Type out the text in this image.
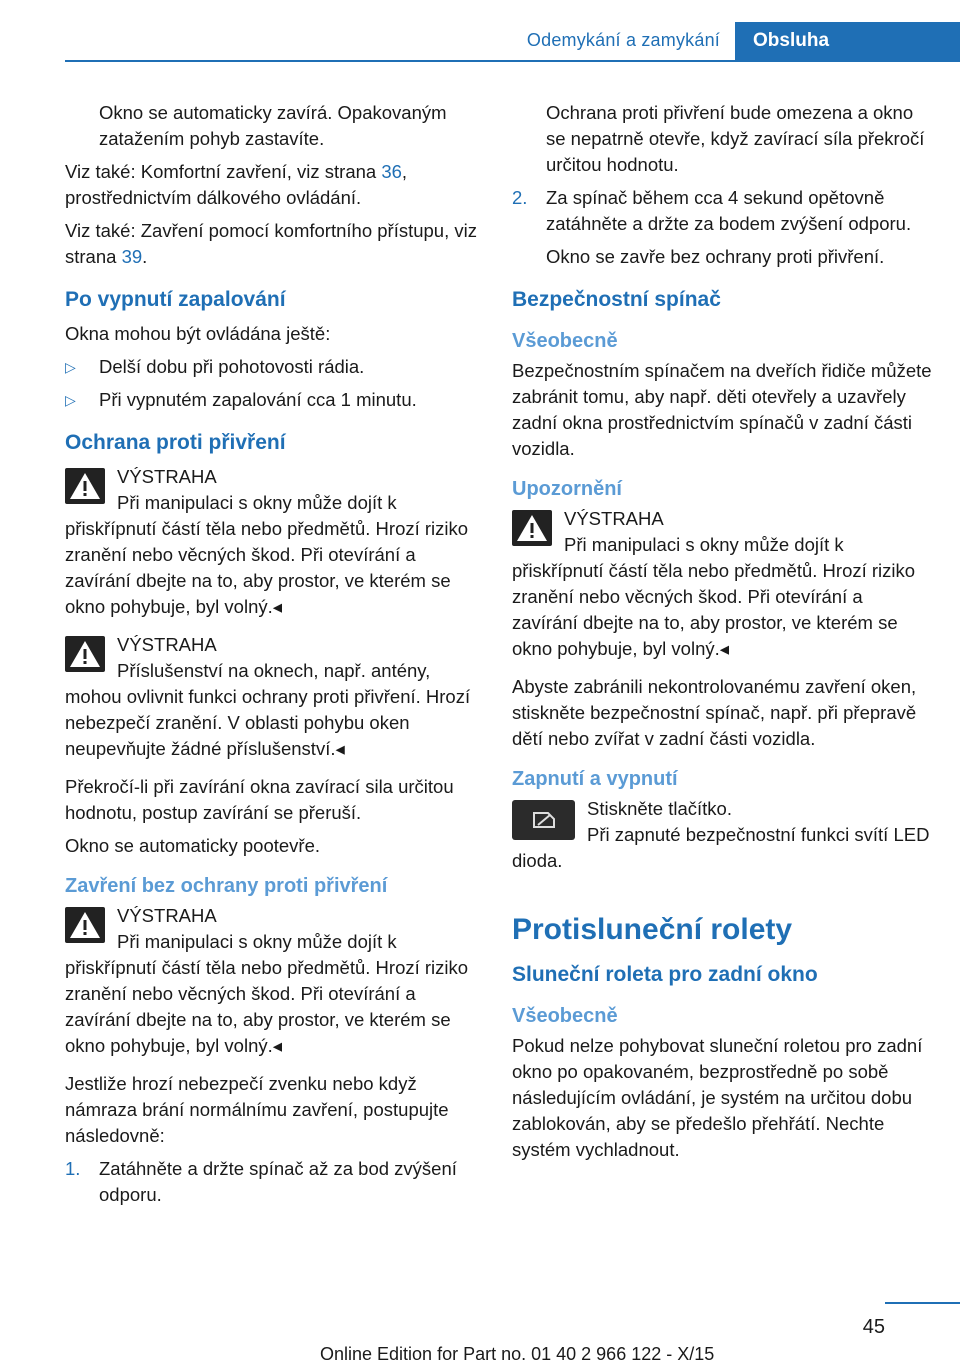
Odemykání a zamykání	Obsluha

Okno se automaticky zavírá. Opakovaným zatažením pohyb zastavíte.

Viz také: Komfortní zavření, viz strana 36, prostřednictvím dálkového ovládání.

Viz také: Zavření pomocí komfortního přístupu, viz strana 39.

Po vypnutí zapalování

Okna mohou být ovládána ještě:

▷ Delší dobu při pohotovosti rádia.
▷ Při vypnutém zapalování cca 1 minutu.
Ochrana proti přivření
VÝSTRAHA
Při manipulaci s okny může dojít k přiskřípnutí částí těla nebo předmětů. Hrozí riziko zranění nebo věcných škod. Při otevírání a zavírání dbejte na to, aby prostor, ve kterém se okno pohybuje, byl volný.◂
VÝSTRAHA
Příslušenství na oknech, např. antény, mohou ovlivnit funkci ochrany proti přivření. Hrozí nebezpečí zranění. V oblasti pohybu oken neupevňujte žádné příslušenství.◂

Překročí-li při zavírání okna zavírací sila určitou hodnotu, postup zavírání se přeruší.

Okno se automaticky pootevře.

Zavření bez ochrany proti přivření
VÝSTRAHA
Při manipulaci s okny může dojít k přiskřípnutí částí těla nebo předmětů. Hrozí riziko zranění nebo věcných škod. Při otevírání a zavírání dbejte na to, aby prostor, ve kterém se okno pohybuje, byl volný.◂

Jestliže hrozí nebezpečí zvenku nebo když námraza brání normálnímu zavření, postupujte následovně:

1. Zatáhněte a držte spínač až za bod zvýšení odporu.

Ochrana proti přivření bude omezena a okno se nepatrně otevře, když zavírací síla překročí určitou hodnotu.

2. Za spínač během cca 4 sekund opětovně zatáhněte a držte za bodem zvýšení odporu.

Okno se zavře bez ochrany proti přivření.

Bezpečnostní spínač
Všeobecně

Bezpečnostním spínačem na dveřích řidiče můžete zabránit tomu, aby např. děti otevřely a uzavřely zadní okna prostřednictvím spínačů v zadní části vozidla.

Upozornění
VÝSTRAHA
Při manipulaci s okny může dojít k přiskřípnutí částí těla nebo předmětů. Hrozí riziko zranění nebo věcných škod. Při otevírání a zavírání dbejte na to, aby prostor, ve kterém se okno pohybuje, byl volný.◂

Abyste zabránili nekontrolovanému zavření oken, stiskněte bezpečnostní spínač, např. při přepravě dětí nebo zvířat v zadní části vozidla.

Zapnutí a vypnutí

Stiskněte tlačítko.

Při zapnuté bezpečnostní funkci svítí LED dioda.

Protisluneční rolety
Sluneční roleta pro zadní okno
Všeobecně

Pokud nelze pohybovat sluneční roletou pro zadní okno po opakovaném, bezprostředně po sobě následujícím ovládání, je systém na určitou dobu zablokován, aby se předešlo přehřátí. Nechte systém vychladnout.

45
Online Edition for Part no. 01 40 2 966 122 - X/15
